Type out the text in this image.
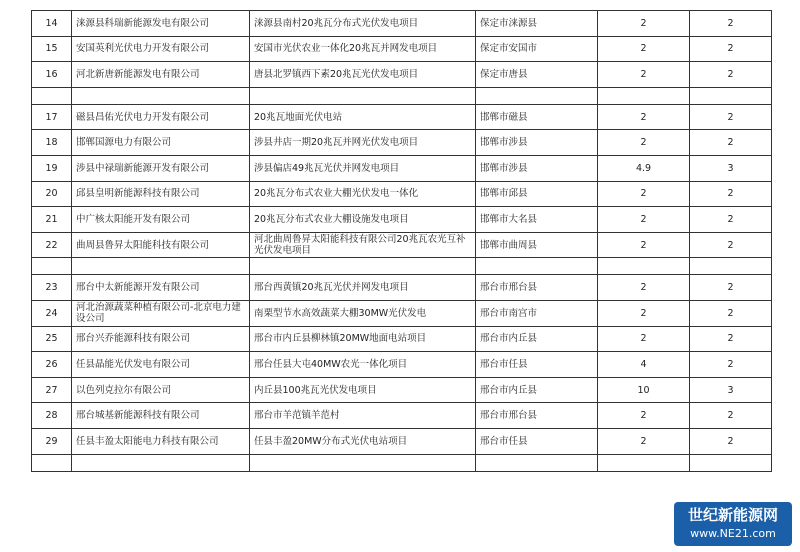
14	涞源县科瑞新能源发电有限公司	涞源县南村20兆瓦分布式光伏发电项目	保定市涞源县	2	2
15	安国英利光伏电力开发有限公司	安国市光伏农业一体化20兆瓦并网发电项目	保定市安国市	2	2
16	河北新唐新能源发电有限公司	唐县北罗镇西下素20兆瓦光伏发电项目	保定市唐县	2	2

17	磁县昌佑光伏电力开发有限公司	20兆瓦地面光伏电站	邯郸市磁县	2	2
18	邯郸国源电力有限公司	涉县井店一期20兆瓦并网光伏发电项目	邯郸市涉县	2	2
19	涉县中禄瑞新能源开发有限公司	涉县偏店49兆瓦光伏并网发电项目	邯郸市涉县	4.9	3
20	邱县皇明新能源科技有限公司	20兆瓦分布式农业大棚光伏发电一体化	邯郸市邱县	2	2
21	中广核太阳能开发有限公司	20兆瓦分布式农业大棚设施发电项目	邯郸市大名县	2	2
22	曲周县鲁昇太阳能科技有限公司	河北曲周鲁昇太阳能科技有限公司20兆瓦农光互补光伏发电项目	邯郸市曲周县	2	2

23	邢台中太新能源开发有限公司	邢台西黄镇20兆瓦光伏并网发电项目	邢台市邢台县	2	2
24	河北治源蔬菜种植有限公司-北京电力建设公司	南栗型节水高效蔬菜大棚30MW光伏发电	邢台市南宫市	2	2
25	邢台兴乔能源科技有限公司	邢台市内丘县柳林镇20MW地面电站项目	邢台市内丘县	2	2
26	任县晶能光伏发电有限公司	邢台任县大屯40MW农光一体化项目	邢台市任县	4	2
27	以色列克拉尔有限公司	内丘县100兆瓦光伏发电项目	邢台市内丘县	10	3
28	邢台城基新能源科技有限公司	邢台市羊范镇羊范村	邢台市邢台县	2	2
29	任县丰盈太阳能电力科技有限公司	任县丰盈20MW分布式光伏电站项目	邢台市任县	2	2

世纪新能源网
www.NE21.com
